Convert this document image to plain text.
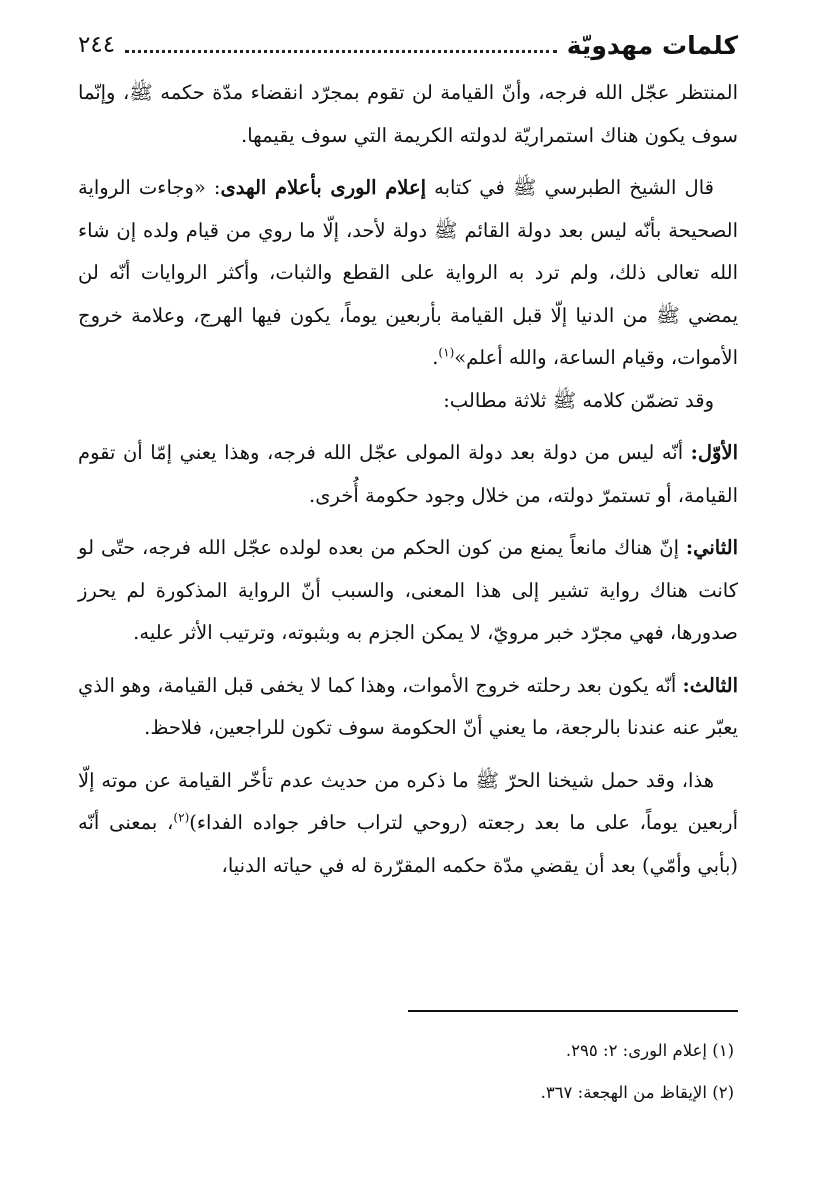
كلمات مهدويّة
٢٤٤

المنتظر عجّل الله فرجه، وأنّ القيامة لن تقوم بمجرّد انقضاء مدّة حكمه ﷺ، وإنّما سوف يكون هناك استمراريّة لدولته الكريمة التي سوف يقيمها.

قال الشيخ الطبرسي ﷺ في كتابه إعلام الورى بأعلام الهدى: «وجاءت الرواية الصحيحة بأنّه ليس بعد دولة القائم ﷺ دولة لأحد، إلّا ما روي من قيام ولده إن شاء الله تعالى ذلك، ولم ترد به الرواية على القطع والثبات، وأكثر الروايات أنّه لن يمضي ﷺ من الدنيا إلّا قبل القيامة بأربعين يوماً، يكون فيها الهرج، وعلامة خروج الأموات، وقيام الساعة، والله أعلم»$^{(١)}$.

وقد تضمّن كلامه ﷺ ثلاثة مطالب:

الأوّل: أنّه ليس من دولة بعد دولة المولى عجّل الله فرجه، وهذا يعني إمّا أن تقوم القيامة، أو تستمرّ دولته، من خلال وجود حكومة أُخرى.

الثاني: إنّ هناك مانعاً يمنع من كون الحكم من بعده لولده عجّل الله فرجه، حتّى لو كانت هناك رواية تشير إلى هذا المعنى، والسبب أنّ الرواية المذكورة لم يحرز صدورها، فهي مجرّد خبر مرويّ، لا يمكن الجزم به وبثبوته، وترتيب الأثر عليه.

الثالث: أنّه يكون بعد رحلته خروج الأموات، وهذا كما لا يخفى قبل القيامة، وهو الذي يعبّر عنه عندنا بالرجعة، ما يعني أنّ الحكومة سوف تكون للراجعين، فلاحظ.

هذا، وقد حمل شيخنا الحرّ ﷺ ما ذكره من حديث عدم تأخّر القيامة عن موته إلّا أربعين يوماً، على ما بعد رجعته (روحي لتراب حافر جواده الفداء)$^{(٢)}$، بمعنى أنّه (بأبي وأمّي) بعد أن يقضي مدّة حكمه المقرّرة له في حياته الدنيا،

(١) إعلام الورى: ٢: ٢٩٥.

(٢) الإيقاظ من الهجعة: ٣٦٧.
